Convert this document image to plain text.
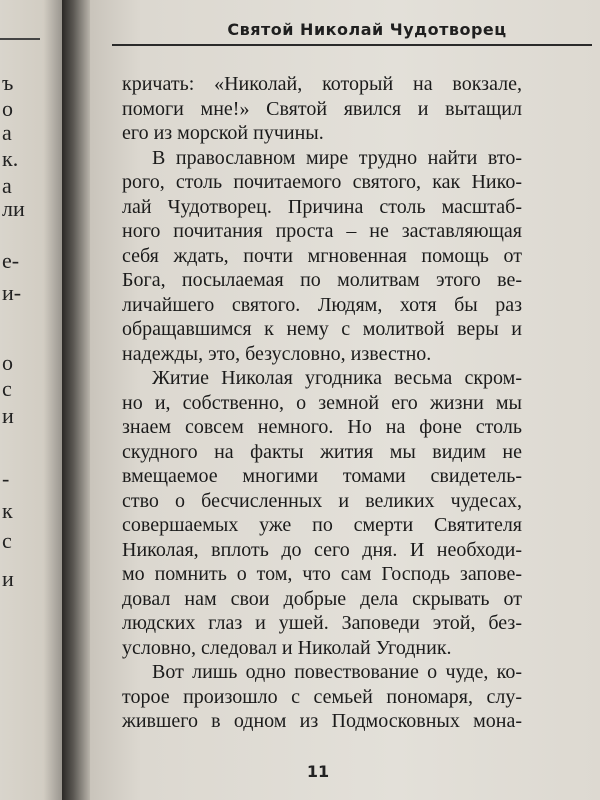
ъ
о
а
к.
а
ли
е-
и-
о
с
и
-
к
с
и
Святой Николай Чудотворец
кричать: «Николай, который на вокзале,
помоги мне!» Святой явился и вытащил
его из морской пучины.
В православном мире трудно найти вто-
рого, столь почитаемого святого, как Нико-
лай Чудотворец. Причина столь масштаб-
ного почитания проста – не заставляющая
себя ждать, почти мгновенная помощь от
Бога, посылаемая по молитвам этого ве-
личайшего святого. Людям, хотя бы раз
обращавшимся к нему с молитвой веры и
надежды, это, безусловно, известно.
Житие Николая угодника весьма скром-
но и, собственно, о земной его жизни мы
знаем совсем немного. Но на фоне столь
скудного на факты жития мы видим не
вмещаемое многими томами свидетель-
ство о бесчисленных и великих чудесах,
совершаемых уже по смерти Святителя
Николая, вплоть до сего дня. И необходи-
мо помнить о том, что сам Господь запове-
довал нам свои добрые дела скрывать от
людских глаз и ушей. Заповеди этой, без-
условно, следовал и Николай Угодник.
Вот лишь одно повествование о чуде, ко-
торое произошло с семьей пономаря, слу-
жившего в одном из Подмосковных мона-
11
